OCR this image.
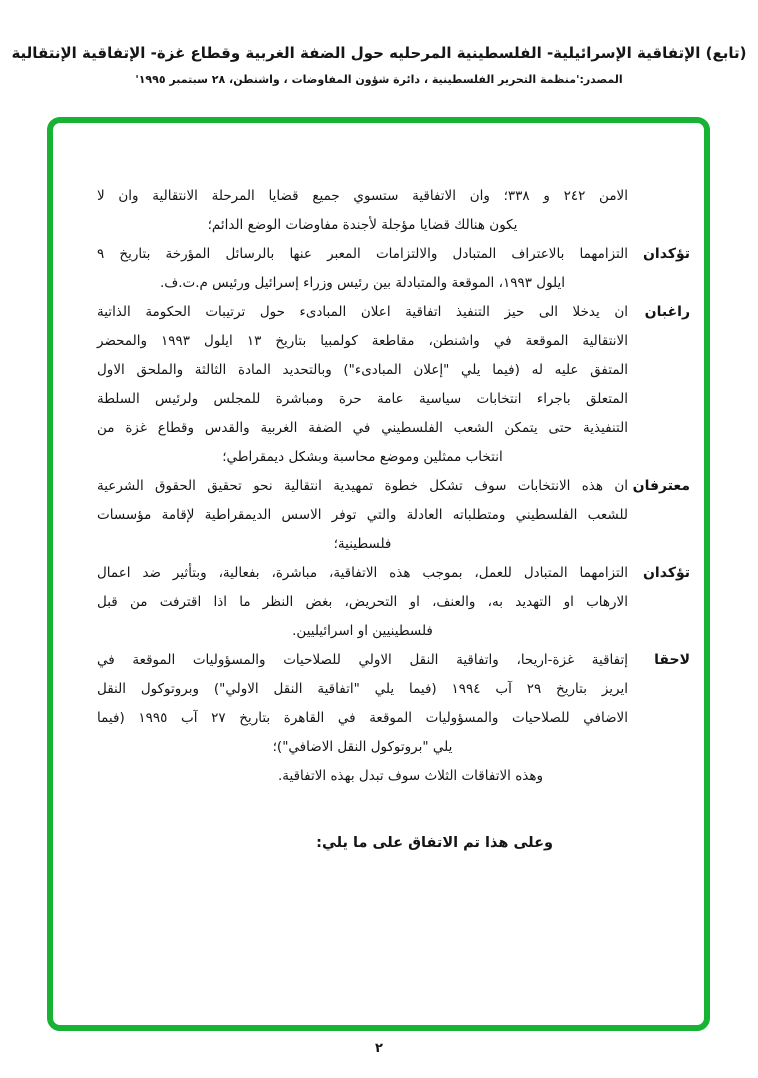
(تابع) الإتفاقية الإسرائيلية- الفلسطينية المرحليه حول الضفة الغربية وقطاع غزة- الإتفاقية الإنتقالية
المصدر:'منظمة التحرير الفلسطينية ، دائرة شؤون المفاوضات ، واشنطن، ٢٨ سبتمبر ١٩٩٥'
الامن ٢٤٢ و ٣٣٨؛ وان الاتفاقية ستسوي جميع قضايا المرحلة الانتقالية وان لا
يكون هنالك قضايا مؤجلة لأجندة مفاوضات الوضع الدائم؛
تؤكدان
التزامهما بالاعتراف المتبادل والالتزامات المعبر عنها بالرسائل المؤرخة بتاريخ ٩
ايلول ١٩٩٣، الموقعة والمتبادلة بين رئيس وزراء إسرائيل ورئيس م.ت.ف.
راغبان
ان يدخلا الى حيز التنفيذ اتفاقية اعلان المبادىء حول ترتيبات الحكومة الذاتية
الانتقالية الموقعة في واشنطن، مقاطعة كولمبيا بتاريخ ١٣ ايلول ١٩٩٣ والمحضر
المتفق عليه له (فيما يلي "إعلان المبادىء") وبالتحديد المادة الثالثة والملحق الاول
المتعلق باجراء انتخابات سياسية عامة حرة ومباشرة للمجلس ولرئيس السلطة
التنفيذية حتى يتمكن الشعب الفلسطيني في الضفة الغربية والقدس وقطاع غزة من
انتخاب ممثلين وموضع محاسبة وبشكل ديمقراطي؛
معترفان
ان هذه الانتخابات سوف تشكل خطوة تمهيدية انتقالية نحو تحقيق الحقوق الشرعية
للشعب الفلسطيني ومتطلباته العادلة والتي توفر الاسس الديمقراطية لإقامة مؤسسات
فلسطينية؛
تؤكدان
التزامهما المتبادل للعمل، بموجب هذه الاتفاقية، مباشرة، بفعالية، وبتأثير ضد اعمال
الارهاب او التهديد به، والعنف، او التحريض، بغض النظر ما اذا اقترفت من قبل
فلسطينيين او اسرائيليين.
لاحقا
إتفاقية غزة-اريحا، واتفاقية النقل الاولي للصلاحيات والمسؤوليات الموقعة في
ايريز بتاريخ ٢٩ آب ١٩٩٤ (فيما يلي "اتفاقية النقل الاولي") وبروتوكول النقل
الاضافي للصلاحيات والمسؤوليات الموقعة في القاهرة بتاريخ ٢٧ آب ١٩٩٥ (فيما
يلي "بروتوكول النقل الاضافي")؛
وهذه الاتفاقات الثلاث سوف تبدل بهذه الاتفاقية.
وعلى هذا تم الاتفاق على ما يلي:
٢
